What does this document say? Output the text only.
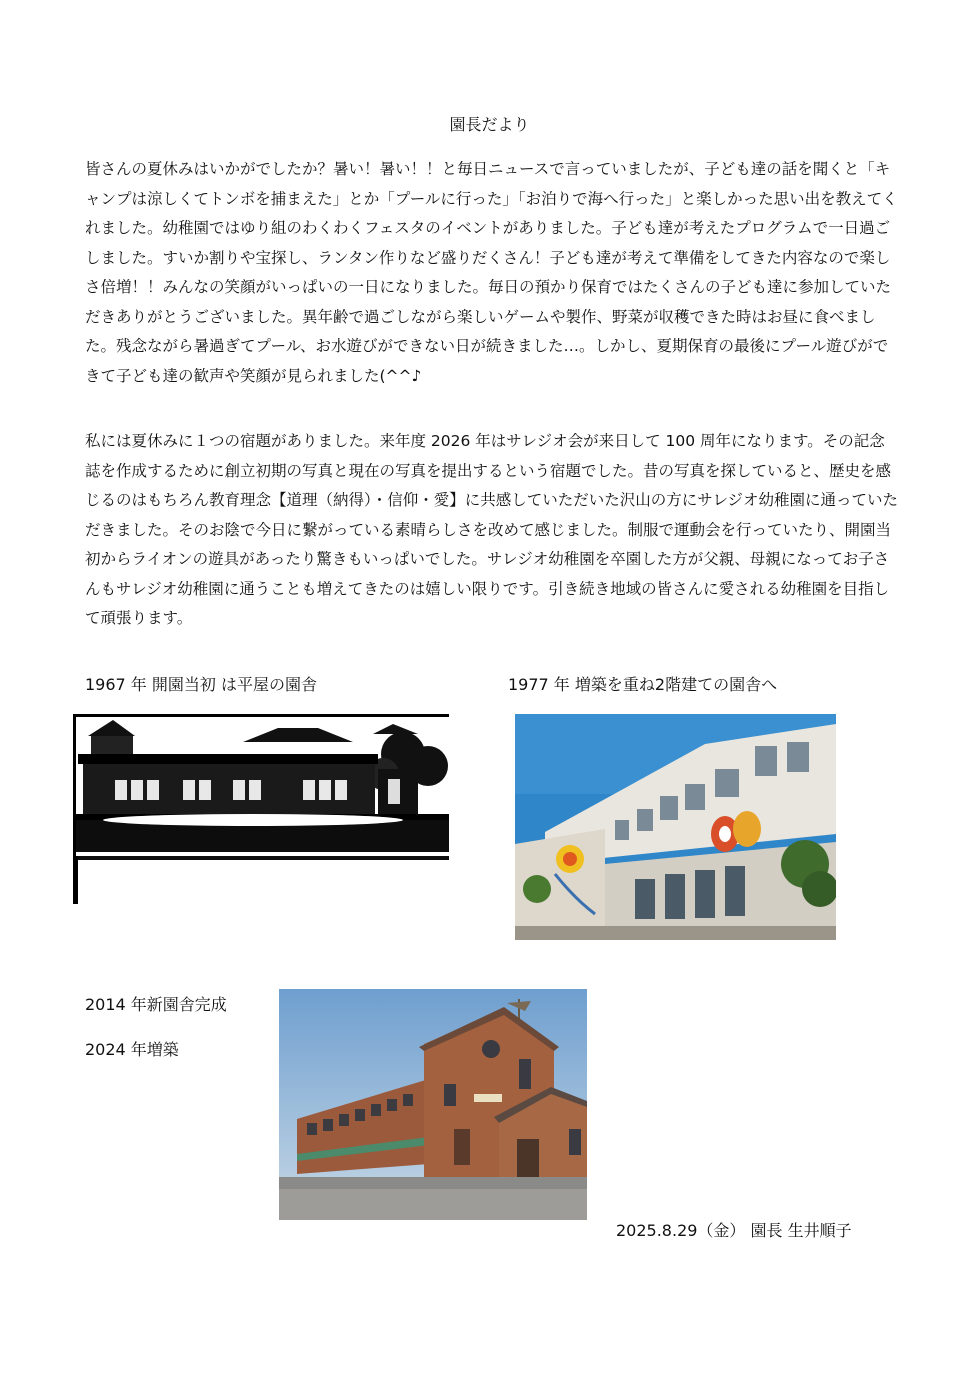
園長だより

皆さんの夏休みはいかがでしたか？暑い！暑い！！と毎日ニュースで言っていましたが、子ども達の話を聞くと「キャンプは涼しくてトンボを捕まえた」とか「プールに行った」「お泊りで海へ行った」と楽しかった思い出を教えてくれました。幼稚園ではゆり組のわくわくフェスタのイベントがありました。子ども達が考えたプログラムで一日過ごしました。すいか割りや宝探し、ランタン作りなど盛りだくさん！子ども達が考えて準備をしてきた内容なので楽しさ倍増！！みんなの笑顔がいっぱいの一日になりました。毎日の預かり保育ではたくさんの子ども達に参加していただきありがとうございました。異年齢で過ごしながら楽しいゲームや製作、野菜が収穫できた時はお昼に食べました。残念ながら暑過ぎてプール、お水遊びができない日が続きました…。しかし、夏期保育の最後にプール遊びができて子ども達の歓声や笑顔が見られました(^^♪

私には夏休みに１つの宿題がありました。来年度 2026 年はサレジオ会が来日して 100 周年になります。その記念誌を作成するために創立初期の写真と現在の写真を提出するという宿題でした。昔の写真を探していると、歴史を感じるのはもちろん教育理念【道理（納得）・信仰・愛】に共感していただいた沢山の方にサレジオ幼稚園に通っていただきました。そのお陰で今日に繋がっている素晴らしさを改めて感じました。制服で運動会を行っていたり、開園当初からライオンの遊具があったり驚きもいっぱいでした。サレジオ幼稚園を卒園した方が父親、母親になってお子さんもサレジオ幼稚園に通うことも増えてきたのは嬉しい限りです。引き続き地域の皆さんに愛される幼稚園を目指して頑張ります。

1967 年 開園当初 は平屋の園舎	1977 年 増築を重ね2階建ての園舎へ
2014 年新園舎完成
2024 年増築
2025.8.29（金） 園長 生井順子
